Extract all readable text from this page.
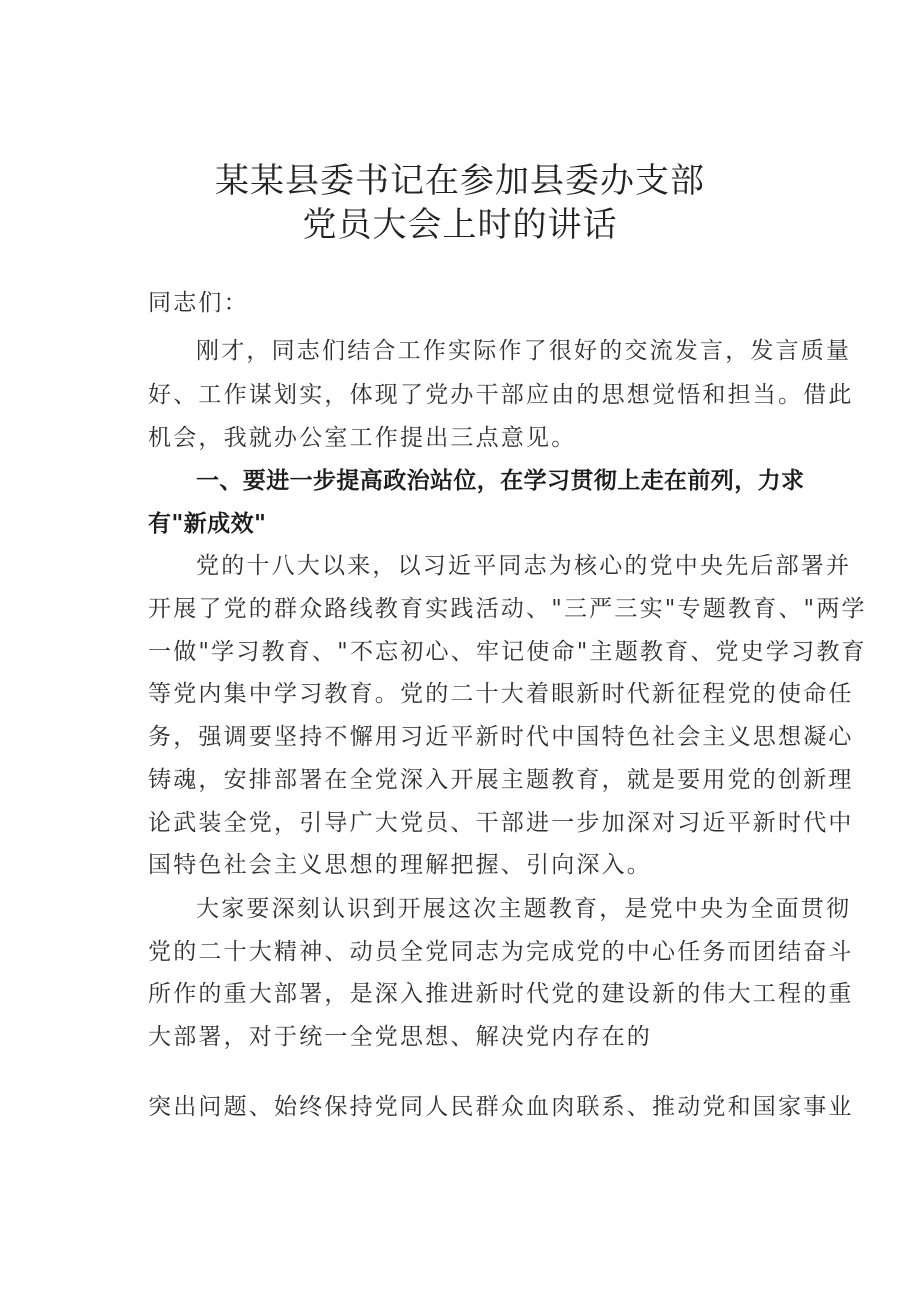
某某县委书记在参加县委办支部
党员大会上时的讲话
同志们：
刚才，同志们结合工作实际作了很好的交流发言，发言质量
好、工作谋划实，体现了党办干部应由的思想觉悟和担当。借此
机会，我就办公室工作提出三点意见。
一、要进一步提高政治站位，在学习贯彻上走在前列，力求
有"新成效"
党的十八大以来，以习近平同志为核心的党中央先后部署并
开展了党的群众路线教育实践活动、"三严三实"专题教育、"两学
一做"学习教育、"不忘初心、牢记使命"主题教育、党史学习教育
等党内集中学习教育。党的二十大着眼新时代新征程党的使命任
务，强调要坚持不懈用习近平新时代中国特色社会主义思想凝心
铸魂，安排部署在全党深入开展主题教育，就是要用党的创新理
论武装全党，引导广大党员、干部进一步加深对习近平新时代中
国特色社会主义思想的理解把握、引向深入。
大家要深刻认识到开展这次主题教育，是党中央为全面贯彻
党的二十大精神、动员全党同志为完成党的中心任务而团结奋斗
所作的重大部署，是深入推进新时代党的建设新的伟大工程的重
大部署，对于统一全党思想、解决党内存在的
突出问题、始终保持党同人民群众血肉联系、推动党和国家事业
